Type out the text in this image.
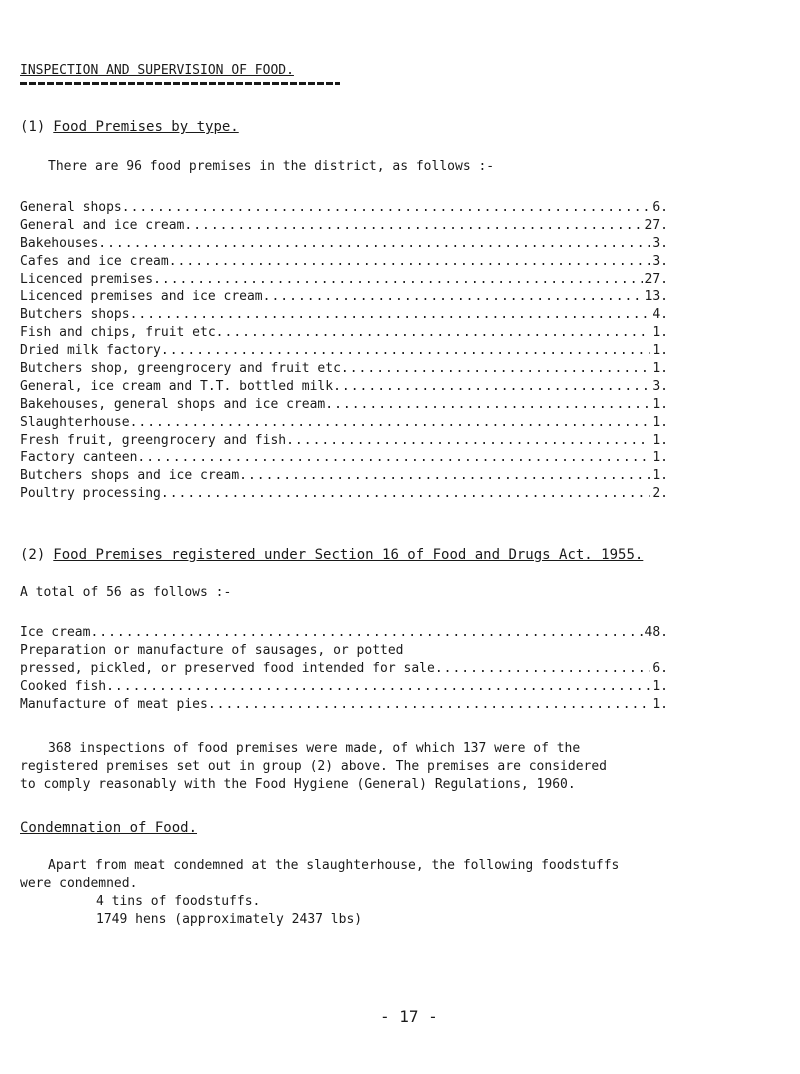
INSPECTION AND SUPERVISION OF FOOD.
(1) Food Premises by type.
There are 96 food premises in the district, as follows :-
General shops .....	6.
General and ice cream .....	27.
Bakehouses .....	3.
Cafes and ice cream .....	3.
Licenced premises .....	27.
Licenced premises and ice cream .....	13.
Butchers shops .....	4.
Fish and chips, fruit etc .....	1.
Dried milk factory .....	1.
Butchers shop, greengrocery and fruit etc .....	1.
General, ice cream and T.T. bottled milk .....	3.
Bakehouses, general shops and ice cream .....	1.
Slaughterhouse .....	1.
Fresh fruit, greengrocery and fish .....	1.
Factory canteen .....	1.
Butchers shops and ice cream .....	1.
Poultry processing .....	2.
(2) Food Premises registered under Section 16 of Food and Drugs Act. 1955.
A total of 56 as follows :-
Ice cream .....	48.
Preparation or manufacture of sausages, or potted
pressed, pickled, or preserved food intended for sale .....	6.
Cooked fish .....	1.
Manufacture of meat pies .....	1.
368 inspections of food premises were made, of which 137 were of the
registered premises set out in group (2) above. The premises are considered
to comply reasonably with the Food Hygiene (General) Regulations, 1960.
Condemnation of Food.
Apart from meat condemned at the slaughterhouse, the following foodstuffs
were condemned.
4 tins of foodstuffs.
1749 hens (approximately 2437 lbs)
- 17 -
